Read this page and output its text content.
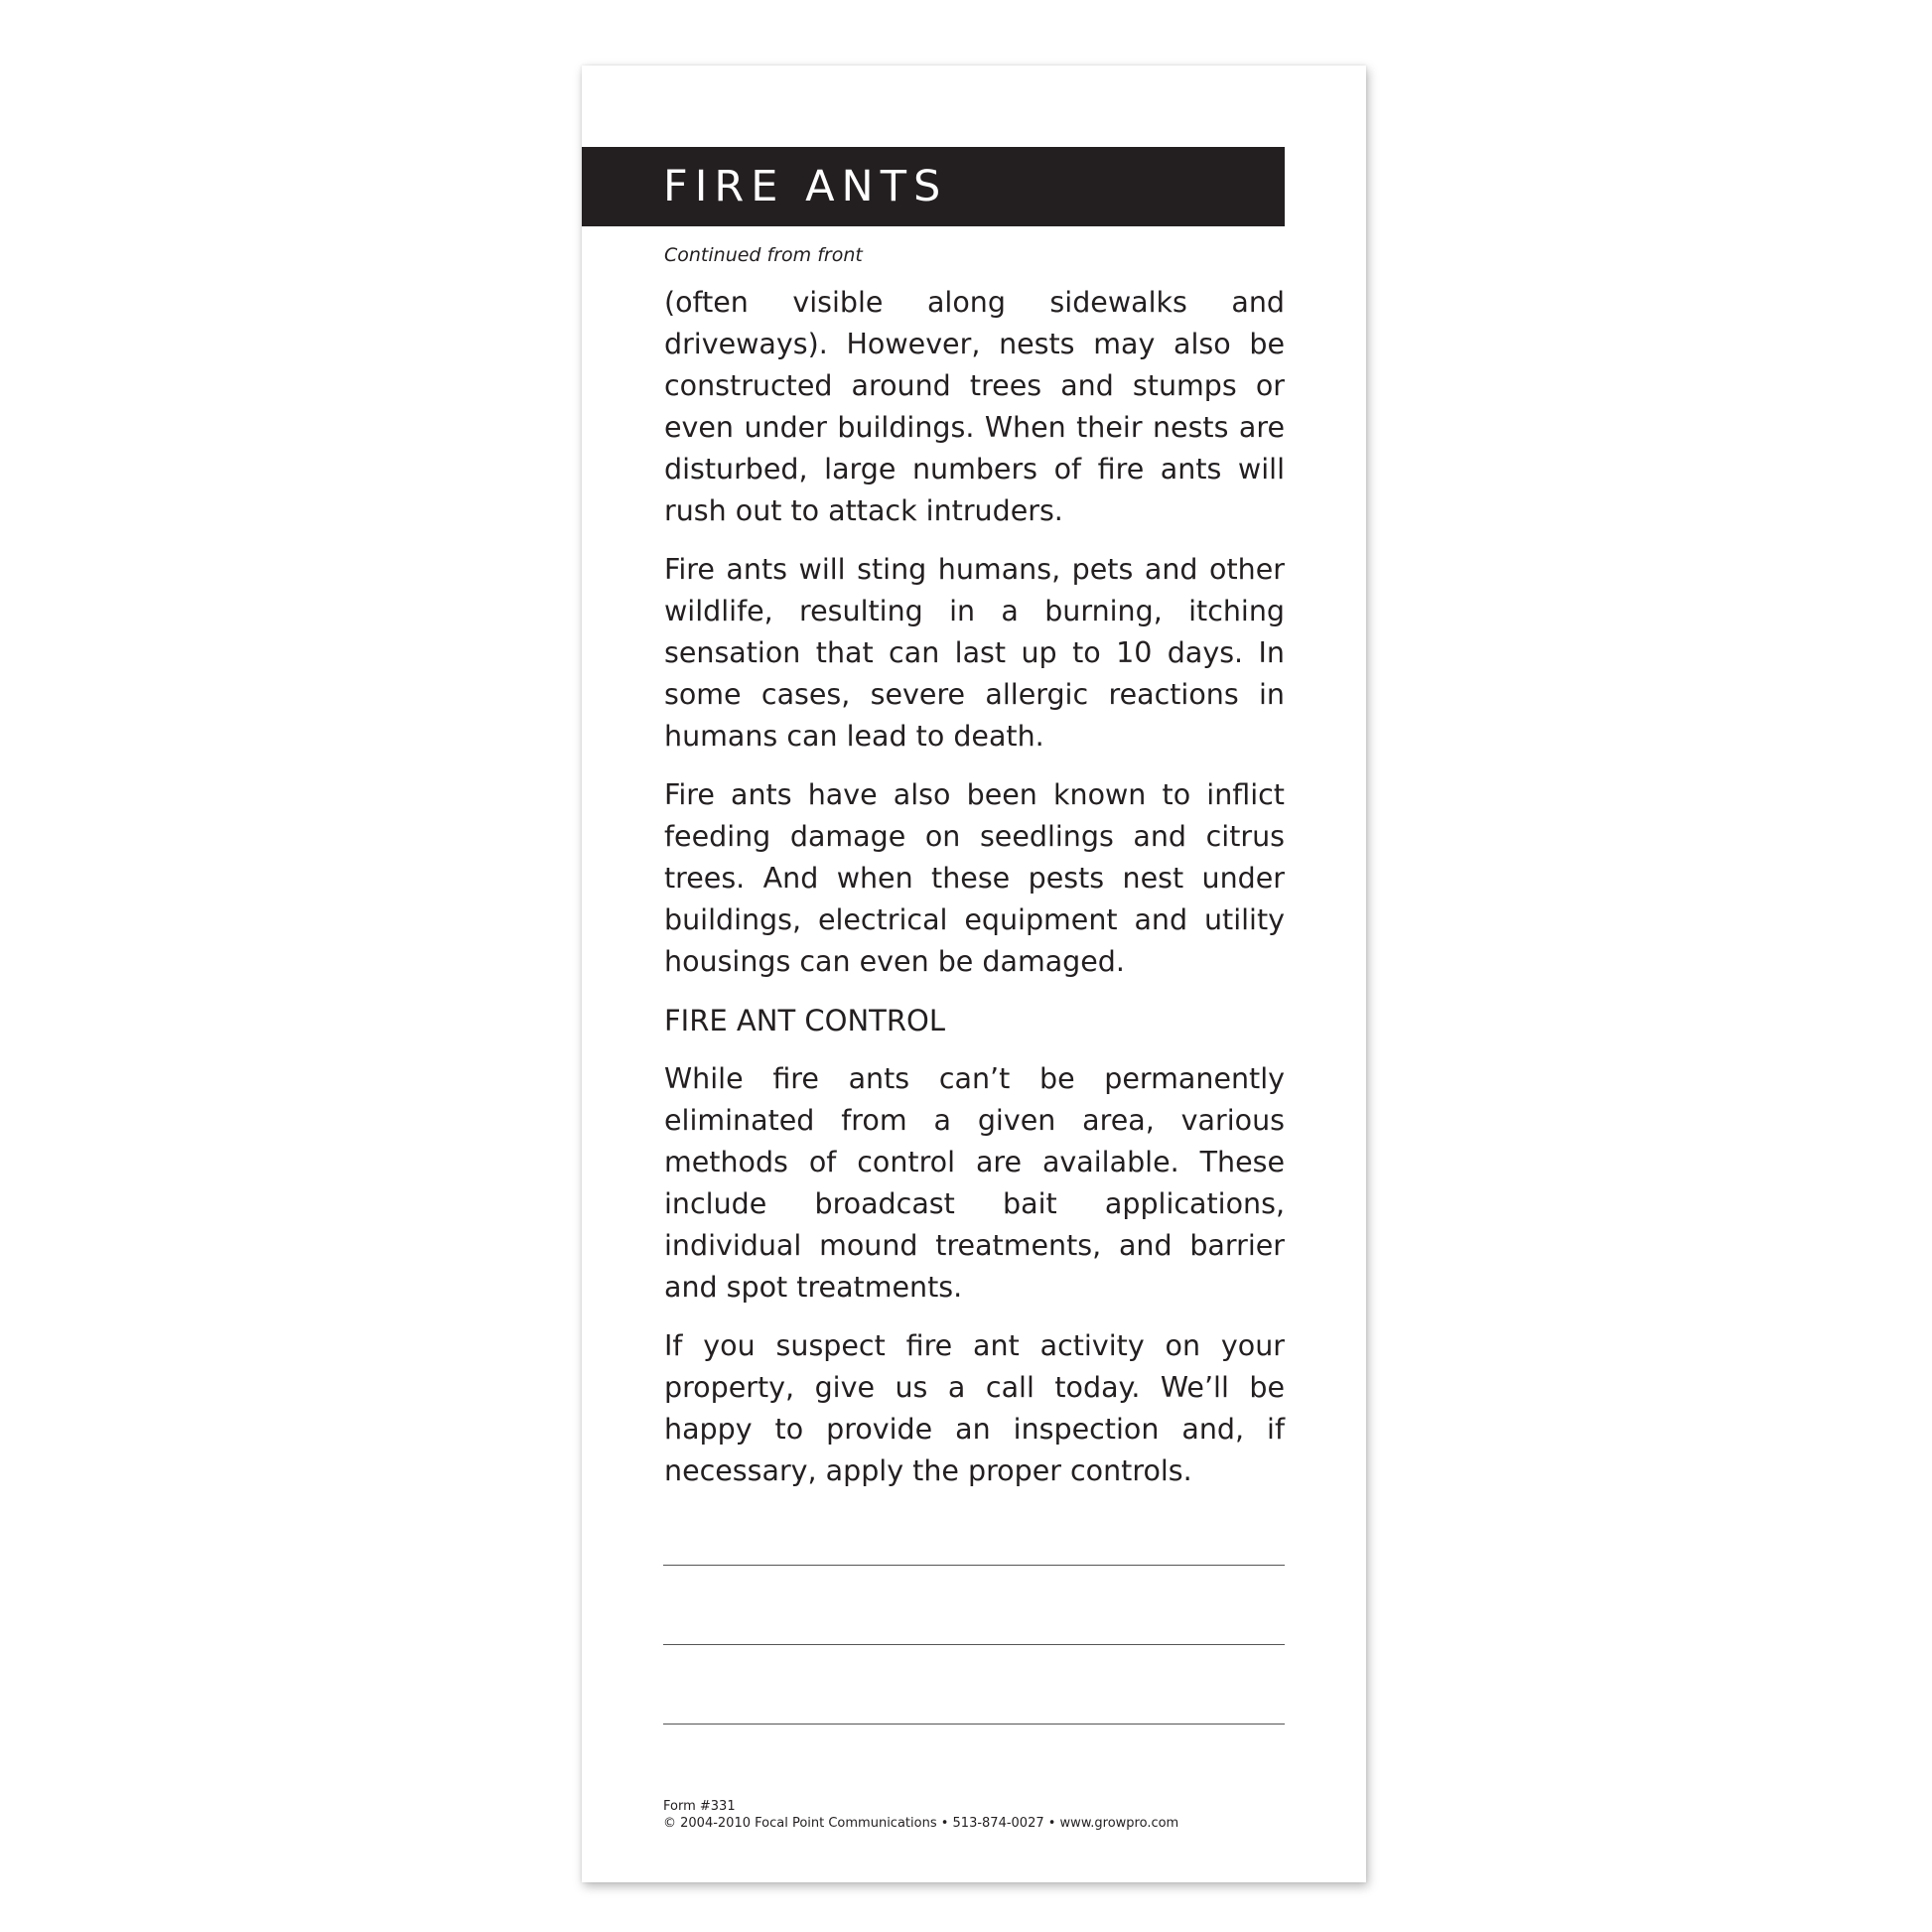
FIRE ANTS
Continued from front

(often visible along sidewalks and driveways). However, nests may also be constructed around trees and stumps or even under buildings. When their nests are disturbed, large numbers of fire ants will rush out to attack intruders.

Fire ants will sting humans, pets and other wildlife, resulting in a burning, itching sensation that can last up to 10 days. In some cases, severe allergic reactions in humans can lead to death.

Fire ants have also been known to inflict feeding damage on seedlings and citrus trees. And when these pests nest under buildings, electrical equipment and utility housings can even be damaged.

FIRE ANT CONTROL

While fire ants can’t be permanently eliminated from a given area, various methods of control are available. These include broadcast bait applications, individual mound treatments, and barrier and spot treatments.

If you suspect fire ant activity on your property, give us a call today. We’ll be happy to provide an inspection and, if necessary, apply the proper controls.

Form #331
© 2004-2010 Focal Point Communications • 513-874-0027 • www.growpro.com
